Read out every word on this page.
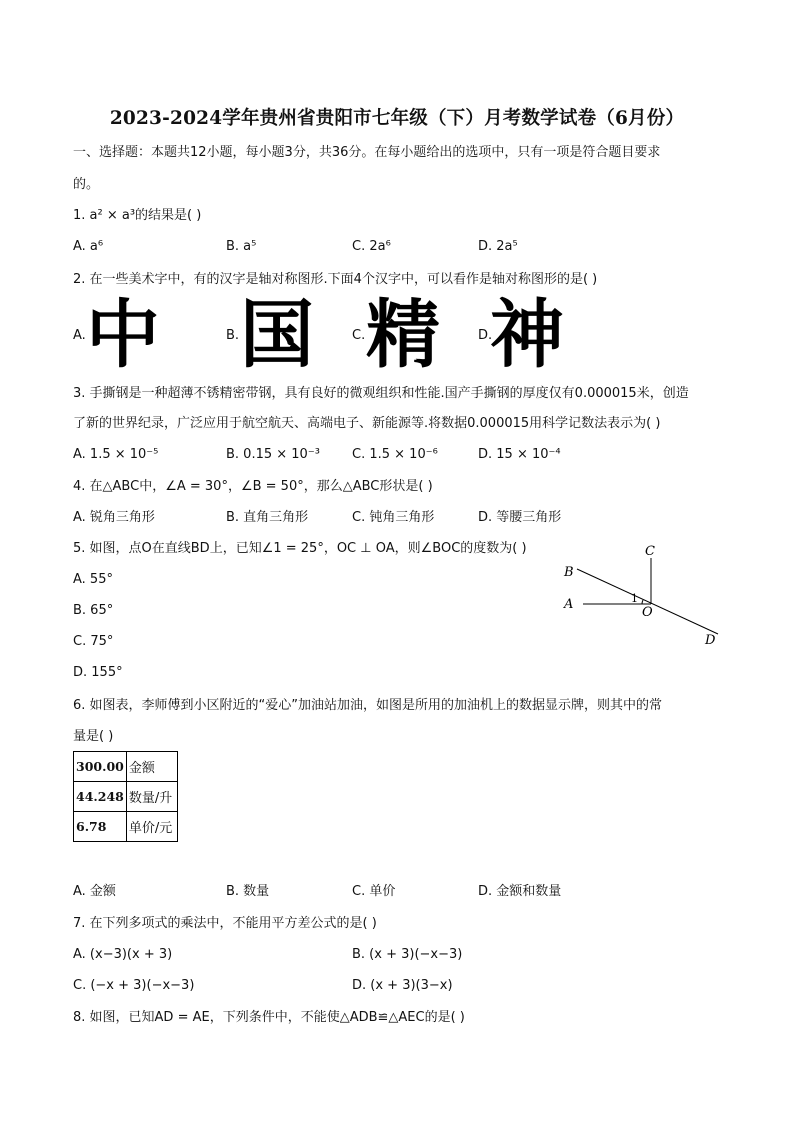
2023-2024学年贵州省贵阳市七年级（下）月考数学试卷（6月份）
一、选择题：本题共12小题，每小题3分，共36分。在每小题给出的选项中，只有一项是符合题目要求
的。
1. a² × a³的结果是( )
A. a⁶	B. a⁵	C. 2a⁶	D. 2a⁵
2. 在一些美术字中，有的汉字是轴对称图形.下面4个汉字中，可以看作是轴对称图形的是( )
A. 中	B. 国	C. 精	D.
神
3. 手撕钢是一种超薄不锈精密带钢，具有良好的微观组织和性能.国产手撕钢的厚度仅有0.000015米，创造
了新的世界纪录，广泛应用于航空航天、高端电子、新能源等.将数据0.000015用科学记数法表示为( )
A. 1.5 × 10⁻⁵	B. 0.15 × 10⁻³ C. 1.5 × 10⁻⁶	D. 15 × 10⁻⁴
4. 在△ABC中，∠A = 30°，∠B = 50°，那么△ABC形状是( )
A. 锐角三角形	B. 直角三角形	C. 钝角三角形	D. 等腰三角形
5. 如图，点O在直线BD上，已知∠1 = 25°，OC ⊥ OA，则∠BOC的度数为( )
A. 55°
B. 65°
C. 75°
D. 155°
C
B
A	1
O
D
6. 如图表，李师傅到小区附近的“爱心”加油站加油，如图是所用的加油机上的数据显示牌，则其中的常
量是( )
300.00	金额
44.248	数量/升
6.78	单价/元
A. 金额	B. 数量	C. 单价	D. 金额和数量
7. 在下列多项式的乘法中，不能用平方差公式的是( )
A. (x−3)(x + 3)	B. (x + 3)(−x−3)
C. (−x + 3)(−x−3)	D. (x + 3)(3−x)
8. 如图，已知AD = AE，下列条件中，不能使△ADB≌△AEC的是( )
